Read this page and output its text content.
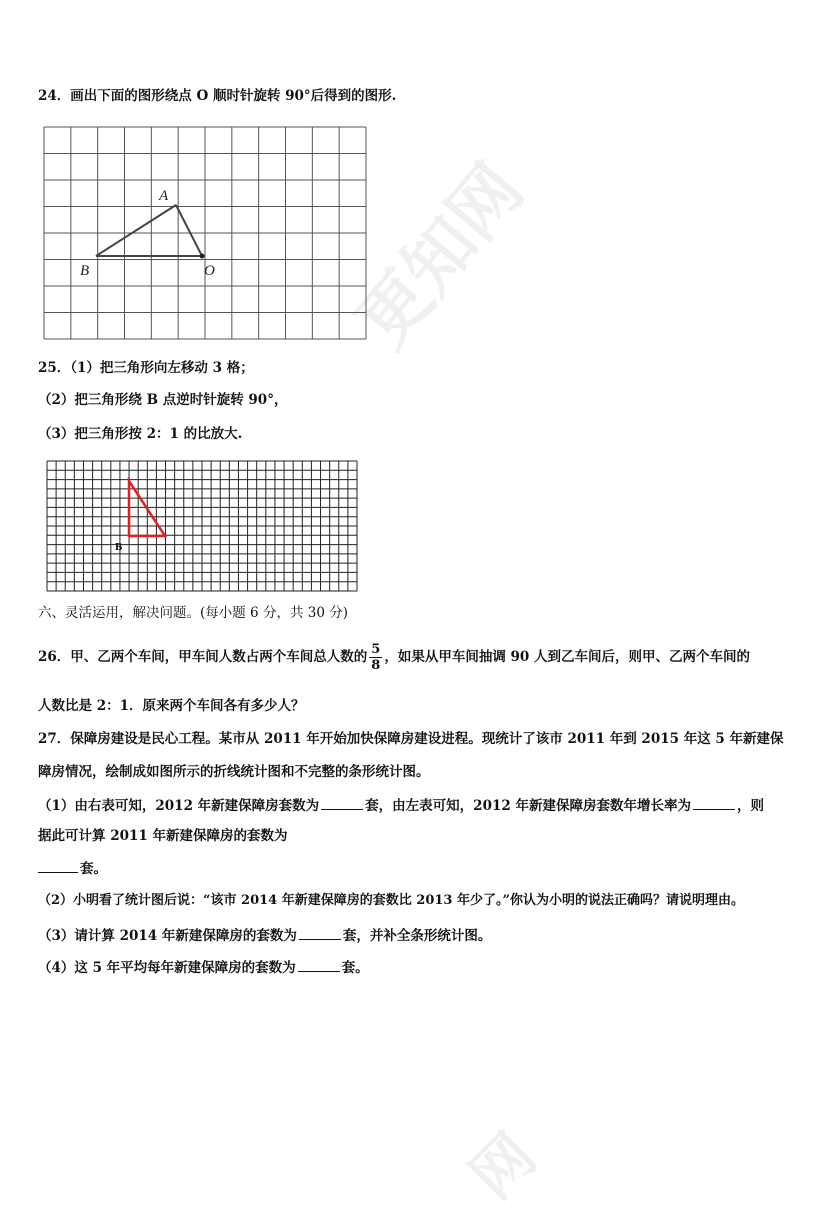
更知网
网
24．画出下面的图形绕点 O 顺时针旋转 90°后得到的图形.
A
B	O
25．（1）把三角形向左移动 3 格；
（2）把三角形绕 B 点逆时针旋转 90°，
（3）把三角形按 2：1 的比放大.
B
六、灵活运用，解决问题。(每小题 6 分，共 30 分)
26．甲、乙两个车间，甲车间人数占两个车间总人数的 $\frac{5}{8}$ ，如果从甲车间抽调 90 人到乙车间后，则甲、乙两个车间的
人数比是 2：1．原来两个车间各有多少人？
27．保障房建设是民心工程。某市从 2011 年开始加快保障房建设进程。现统计了该市 2011 年到 2015 年这 5 年新建保
障房情况，绘制成如图所示的折线统计图和不完整的条形统计图。
（1）由右表可知，2012 年新建保障房套数为	套，由左表可知，2012 年新建保障房套数年增长率为	，则
据此可计算 2011 年新建保障房的套数为
套。
（2）小明看了统计图后说：“该市 2014 年新建保障房的套数比 2013 年少了。”你认为小明的说法正确吗？请说明理由。
（3）请计算 2014 年新建保障房的套数为	套，并补全条形统计图。
（4）这 5 年平均每年新建保障房的套数为	套。
